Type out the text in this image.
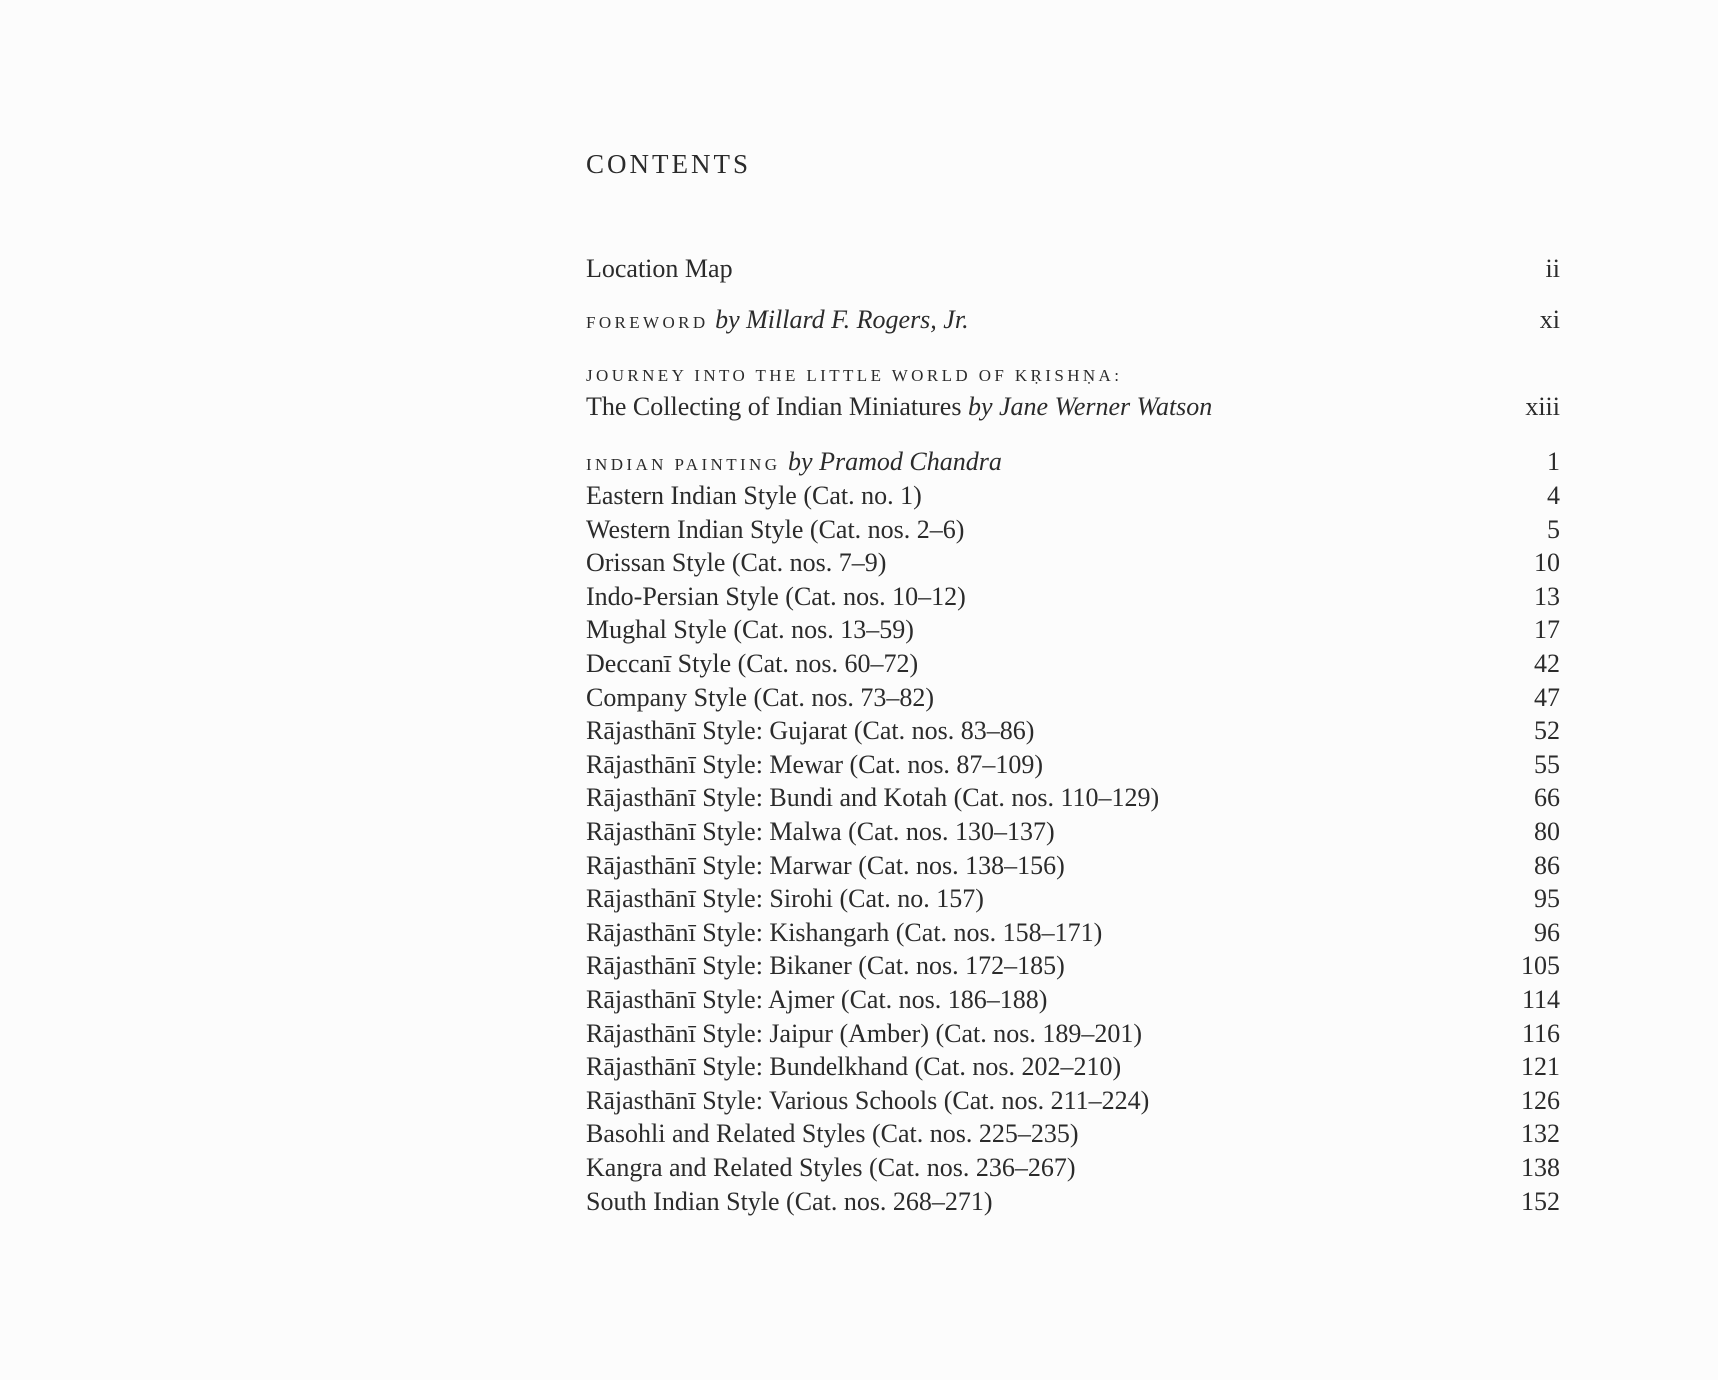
CONTENTS
Location Map	ii
FOREWORD by Millard F. Rogers, Jr.	xi
JOURNEY INTO THE LITTLE WORLD OF KṚISHṆA:
The Collecting of Indian Miniatures by Jane Werner Watson	xiii
INDIAN PAINTING by Pramod Chandra	1
Eastern Indian Style (Cat. no. 1)	4
Western Indian Style (Cat. nos. 2–6)	5
Orissan Style (Cat. nos. 7–9)	10
Indo-Persian Style (Cat. nos. 10–12)	13
Mughal Style (Cat. nos. 13–59)	17
Deccanī Style (Cat. nos. 60–72)	42
Company Style (Cat. nos. 73–82)	47
Rājasthānī Style: Gujarat (Cat. nos. 83–86)	52
Rājasthānī Style: Mewar (Cat. nos. 87–109)	55
Rājasthānī Style: Bundi and Kotah (Cat. nos. 110–129)	66
Rājasthānī Style: Malwa (Cat. nos. 130–137)	80
Rājasthānī Style: Marwar (Cat. nos. 138–156)	86
Rājasthānī Style: Sirohi (Cat. no. 157)	95
Rājasthānī Style: Kishangarh (Cat. nos. 158–171)	96
Rājasthānī Style: Bikaner (Cat. nos. 172–185)	105
Rājasthānī Style: Ajmer (Cat. nos. 186–188)	114
Rājasthānī Style: Jaipur (Amber) (Cat. nos. 189–201)	116
Rājasthānī Style: Bundelkhand (Cat. nos. 202–210)	121
Rājasthānī Style: Various Schools (Cat. nos. 211–224)	126
Basohli and Related Styles (Cat. nos. 225–235)	132
Kangra and Related Styles (Cat. nos. 236–267)	138
South Indian Style (Cat. nos. 268–271)	152
